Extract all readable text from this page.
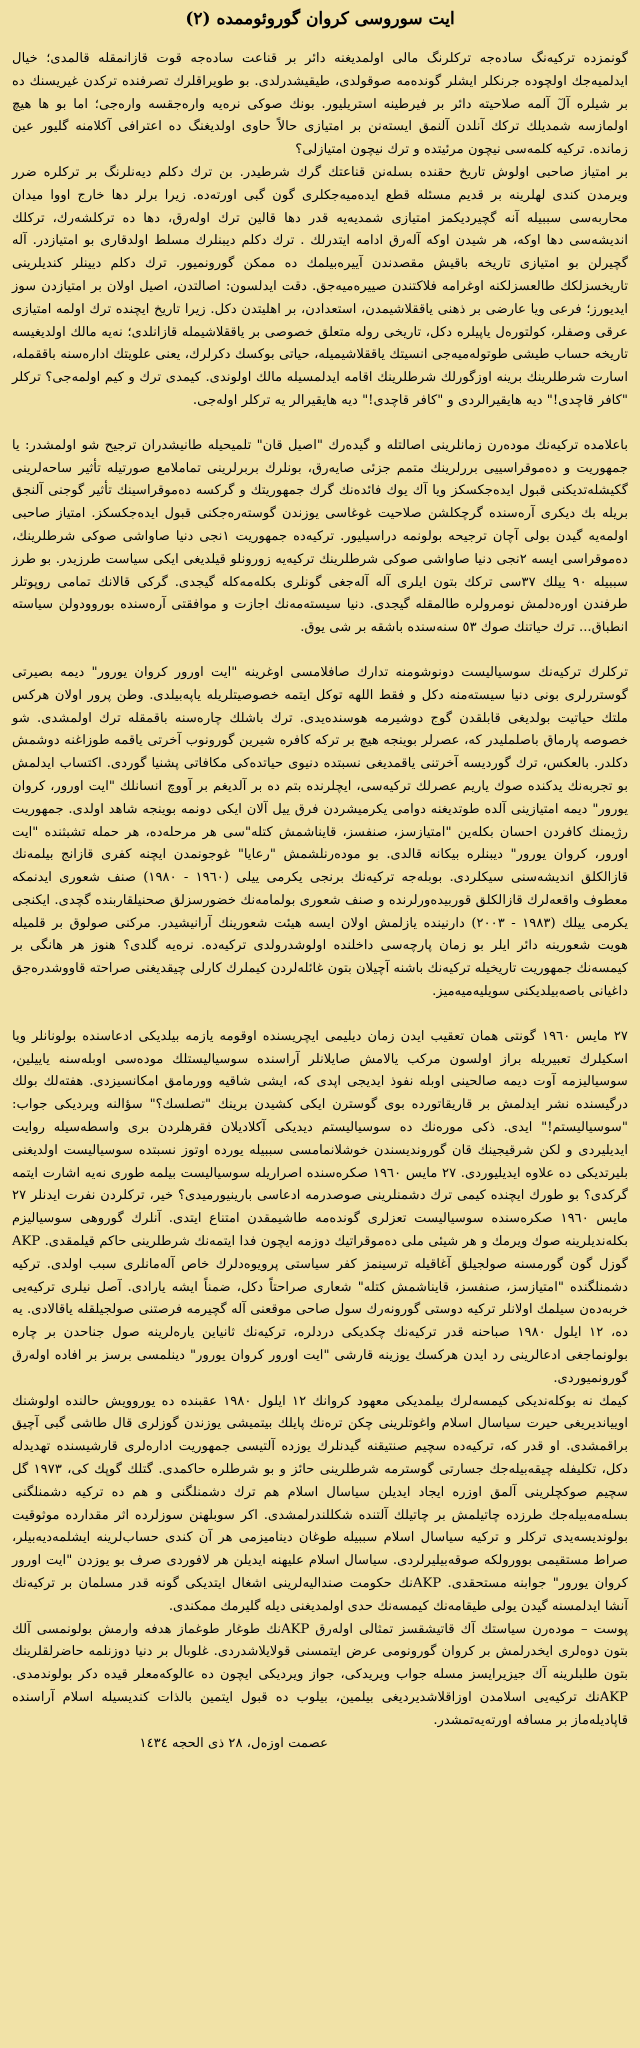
ایت سوروسی کروان گوروئوممده (٢)

گونمزده ترکیەنگ سادەجه ترکلرنگ مالی اولمدیغنه دائر بر قناعت سادەجه قوت قازانمقله قالمدی؛ خیال ایدلمیەجك اولچوده جرنکلر ایشلر گوندەمه صوقولدی، طیقیشدرلدی. بو طویراقلرك تصرفنده ترکدن غیریسنك ده بر شیلره آلٓ آلمه صلاحیته دائر بر فیرطینه استریلیور. بونك صوکی نرەیه وارەجقسه وارەجی؛ اما بو ها هیچ اولمازسه شمدیلك ترکك آنلدن آلنمق ایستەنن بر امتیازی حالاً حاوی اولدیغنگ ده اعترافی آکلامنه گلیور عین زمانده. ترکیه کلمەسی نیچون مرئیتده و ترك نیچون امتیازلی؟

بر امتیاز صاحبی اولوش تاریخ حقنده بسلەنن قناعتك گرك شرطیدر. بن ترك دکلم دیەنلرنگ بر ترکلره ضرر ویرمدن کندی لهلرینه بر قدیم مسئله قطع ایدەمیەجکلری گون گبی اورتەده. زیرا برلر دها خارج اووا میدان محاربەسی سببیله آنه گچیردیکمز امتیازی شمدیەیه قدر دها قالین ترك اولەرق، دها ده ترکلشەرك، ترکلك اندیشەسی دها اوکە، هر شیدن اوکە آلەرق ادامه ایتدرلك . ترك دکلم دیبنلرك مسلط اولدقاری بو امتیازدر. آله گچیرلن بو امتیازی تاریخه باقیش مقصدندن آییرەبیلمك ده ممکن گورونمیور. ترك دکلم دیینلر کندیلرینی تاریخسزلکك طالعسزلکنه اوغرامه فلاکتندن صییرەمیەجق. دقت ایدلسون: اصالتدن، اصیل اولان بر امتیازدن سوز ایدیورز؛ فرعی ویا عارضی بر ذهنی یاققلاشیمدن، استعدادن، بر اهلیتدن دکل. زیرا تاریخ ایچنده ترك اولمه امتیازی عرقی وصفلر، کولتورەل یاپیلره دکل، تاریخی روله متعلق خصوصی بر یاققلاشیمله قازانلدی؛ نەیه مالك اولدیغیسه تاریخه حساب طیشی طوتولەمیەجی انسیتك یاققلاشیمیله، حیاتی بوکسك دکرلرك، یعنی علویتك ادارەسنه باققمله، اسارت شرطلرینك برینه اوزگورلك شرطلرینك اقامه ایدلمسیله مالك اولوندی. کیمدی ترك و کیم اولمەجی؟ ترکلر "کافر قاچدی!" دیه هایقیرالردی و "کافر قاچدی!" دیه هایقیرالر یه ترکلر اولەجی.

باعلامده ترکیەنك مودەرن زمانلرینی اصالتله و گیدەرك "اصیل قان" تلمیحیله طانیشدران ترجیح شو اولمشدر: یا جمهوریت و دەموقراسییی بررلرینك متمم جزئی صایەرق، بونلرك بربرلرینی تماملامع صورتیله تأثیر ساحەلرینی گکیشلەتدیکنی قبول ایدەجکسکز ویا آك یوك فائدەنك گرك جمهوریتك و گرکسه دەموقراسینك تأثیر گوجنی آلنجق بریله بك دیکری آرەسنده گرچکلشن صلاحیت غوغاسی یوزندن گوستەرەجکنی قبول ایدەجکسکز. امتیاز صاحبی اولمەیه گیدن بولی آچان ترجیحه بولونمه دراسیلیور. ترکیەده جمهوریت ١نجی دنیا صاواشی صوکی شرطلرینك، دەموقراسی ایسه ٢نجی دنیا صاواشی صوکی شرطلرینك ترکیەیه زورونلو قیلدیغی ایکی سیاست طرزیدر. بو طرز سببیله ٩٠ ییلك ٣٧سی ترکك بتون ایلری آله آلەجغی گونلری بکلەمەکله گیجدی. گرکی قالانك تمامی روپوتلر طرفندن اورەدلمش نومرولره طالمقله گیجدی. دنیا سیستەمەنك اجازت و موافقتی آرەسنده بوروودولن سیاسته انطباق... ترك حیاتنك صوك ٥٣ سنەسنده باشقه بر شی یوق.

ترکلرك ترکیەنك سوسیالیست دونوشومنه تدارك صافلامسی اوغرینه "ایت اورور کروان یورور" دیمه بصیرتی گوستررلری بونی دنیا سیستەمنه دکل و فقط اللهه توکل ایتمه خصوصیتلریله یاپەبیلدی. وطن پرور اولان هرکس ملتك حیاتیت بولدیغی قابلقدن گوج دوشیرمه هوسندەیدی. ترك باشلك چارەسنه باقمقله ترك اولمشدی. شو خصوصه پارماق باصلملیدر که، عصرلر بوینجه هیچ بر ترکه کافره شیرین گورونوب آخرتی یاقمه طوزاغنه دوشمش دکلدر. بالعکس، ترك گورديسه آخرتنی یاقمدیغی نسبتده دنیوی حیاتدەکی مکافاتی پشنیا گوردی. اکتساب ایدلمش بو تجربەنك یدکنده صوك یاریم عصرلك ترکیەسی، ایچلرنده بتم ده بر آلدیغم بر آووچ انسانلك "ایت اورور، کروان یورور" دیمه امتیازینی آلده طوتدیغنه دوامی یکرمیشردن فرق ییل آلان ایکی دونمه بوینجه شاهد اولدی. جمهوریت رژیمنك کافردن احسان بکلەین "امتیازسز، صنفسز، قایناشمش کتله"سی هر مرحلەده، هر حمله تشبثنده "ایت اورور، کروان یورور" دیبنلره بیکانه قالدی. بو مودەرنلشمش "رعایا" غوجونمدن ایچنه کفری قازانج بیلمەنك قازالکلق اندیشەسنی سیکلردی. بوبلەجه ترکیەنك برنجی یکرمی ییلی (١٩٦٠ - ١٩٨٠) صنف شعوری ایدنمکه معطوف واقعەلرك قازالکلق قوربیدەورلرنده و صنف شعوری بولمامەنك خضورسزلق صحنیلقاربنده گچدی. ایکنجی یکرمی ییلك (١٩٨٣ - ٢٠٠٣) دارنینده یازلمش اولان ایسه هیئت شعورینك آرانیشیدر. مرکنی صولوق بر قلمیله هویت شعورینه دائر ایلر بو زمان پارچەسی داخلنده اولوشدرولدی ترکیەده. نرەیه گلدی؟ هنوز هر هانگی بر کیمسەنك جمهوریت تاریخیله ترکیەنك باشنه آچیلان بتون غائلەلردن کیملرك کارلی چیقدیغنی صراحته قاووشدرەجق داغیانی باصەبیلدیکنی سویلیەمیەمیز.

٢٧ مایس ١٩٦٠ گونتی همان تعقیب ایدن زمان دیلیمی ایچریسنده اوقومه یازمه بیلدیکی ادعاسنده بولونانلر ویا اسکیلرك تعبیریله براز اولسون مرکب یالامش صایلانلر آراسنده سوسیالیستلك مودەسی اوبلەسنه یاییلین، سوسیالیزمه آوت دیمه صالحینی اوبله نفوذ ایدیجی اپدی که، ایشی شاقیه وورمامق امکانسیزدی. هفتەلك بولك درگیسنده نشر ایدلمش بر قاریقاتورده بوی گوسترن ایکی کشیدن برینك "تصلسك؟" سؤالنه ویردیکی جواب: "سوسیالیستم!" ایدی. ذکی مورەنك ده سوسیالیستم دیدیکی آکلادیلان فقرهلردن بری واسطەسیله روایت ایدیلیردی و لکن شرقیجینك قان گوروندیسندن خوشلانمامسی سببیله یورده اوتوز نسبتده سوسیالیست اولدیغنی بلیرتدیکی ده علاوه ایدیلیوردی. ٢٧ مایس ١٩٦٠ صکرەسنده اصراریله سوسیالیست بیلمه طوری نەیه اشارت ایتمه گرکدی؟ بو طورك ایچنده کیمی ترك دشمنلرینی صوصدرمه ادعاسی بارینیورمیدی؟ خیر، ترکلردن نفرت ایدنلر ٢٧ مایس ١٩٦٠ صکرەسنده سوسیالیست تعزلری گوندەمه طاشیمقدن امتناع ایتدی. آنلرك گوروهی سوسیالیزم بکلەندیلرینه صوك ویرمك و هر شیئی ملی دەموقراتیك دوزمه ایچون فدا ایتمەنك شرطلرینی حاکم قیلمقدی. AKP گوزل گون گورمسنه صولجیلق آغاقیله ترسینمز کفر سیاستی پرویوەدلرك خاص آلەمانلری سبب اولدی. ترکیه دشمنلگنده "امتیازسز، صنفسز، قایناشمش کتله" شعاری صراحتاً دکل، ضمناً ایشه یارادی. آصل نیلری ترکیەیی خربەدەن سیلمك اولانلر ترکیه دوستی گورونەرك سول صاحی موقعنی آله گچیرمه فرصتنی صولجیلقله یاقالادی. یه ده، ١٢ ایلول ١٩٨٠ صباحنه قدر ترکیەنك چکدیکی دردلره، ترکیەنك ثانیاین یارەلرینه صول جناحدن بر چاره بولونماجغی ادعالرینی رد ایدن هرکسك یوزینه قارشی "ایت اورور کروان یورور" دینلمسی برسز بر افاده اولەرق گورونمیوردی.

کیمك نه بوکلەندیکی کیمسەلرك بیلمدیکی معهود کروانك ١٢ ایلول ١٩٨٠ عقبنده ده یوروویش حالنده اولوشنك اوییاندیریغی حیرت سیاسال اسلام واغوتلرینی چکن ترەنك پایلك بیتمیشی یوزندن گوزلری قال طاشی گبی آچیق براقمشدی. او قدر که، ترکیەده سچیم صنتیقنه گیدنلرك یوزده آلتیسی جمهوریت ادارەلری قارشیسنده تهدیدله دکل، تکلیفله چیقەبیلەجك جسارتی گوسترمه شرطلرینی حائز و بو شرطلره حاکمدی. گتلك گوپك کی، ١٩٧٣ گل سچیم صوکچلرینی آلمق اوزره ایجاد ایدیلن سیاسال اسلام هم ترك دشمنلگنی و هم ده ترکیه دشمنلگنی بسلەمەبیلەجك طرزده چاتیلمش بر چاتیلك آلتنده شکللندرلمشدی. اکر سوبلهنن سوزلرده اثر مقدارده موثوقیت بولوندیسەیدی ترکلر و ترکیه سیاسال اسلام سببیله طوغان دینامیزمی هر آن کندی حساب‌لرینه ایشلمه‌دیەبیلر، صراط مستقیمی بوورولکه صوقەبیلیرلردی. سیاسال اسلام علیهنه ایدیلن هر لافوردی صرف بو یوزدن "ایت اورور کروان یورور" جوابنه مستحقدی. AKPنك حکومت صندالیەلرینی اشغال ایتدیکی گونه قدر مسلمان بر ترکیەنك آنشا ایدلمسنه گیدن یولی طیقامەنك کیمسەنك حدی اولمدیغنی دیله گلیرمك ممکندی.

پوست – مودەرن سیاستك آك قاتیشقسز تمثالی اولەرق AKPنك طوغار طوغماز هدفه وارمش بولونمسی آلك بتون دوەلری ایخدرلمش بر کروان گورونومی عرض ایتمسنی قولایلاشدردی. غلوبال بر دنیا دوزنلمه حاضرلقلرینك بتون طلبلرینه آك جیزیرایسز مسله جواب ویریدکی، جواز ویردیکی ایچون ده عالوکەمعلر قیدە دکر بولوندمدی. AKPنك ترکیەیی اسلامدن اوزاقلاشدیردیغی بیلمین، بیلوب ده قبول ایتمین بالذات کندیسیله اسلام آراسنده قاپادیلەماز بر مسافه اورتەیه‌تمشدر.

عصمت اوزەل، ٢٨ ذی الحجه ١٤٣٤
